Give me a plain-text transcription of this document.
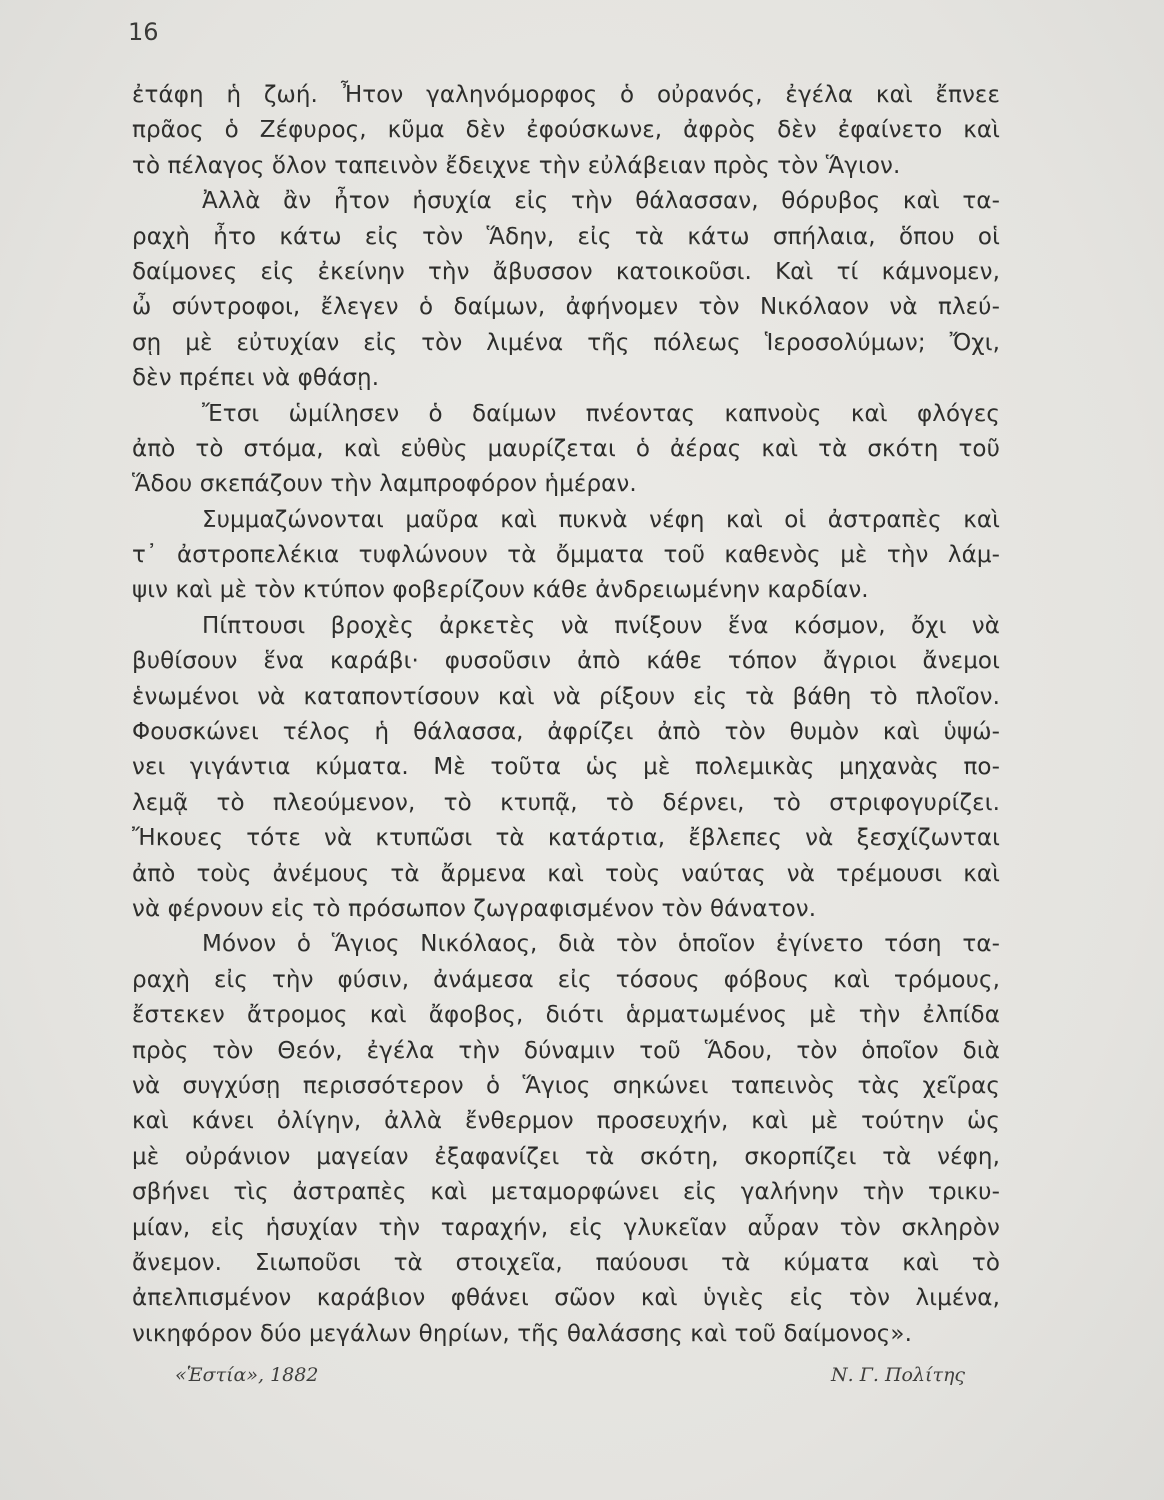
16
ἐτάφη ἡ ζωή. Ἦτον γαληνόμορφος ὁ οὐρανός, ἐγέλα καὶ ἔπνεε
πρᾶος ὁ Ζέφυρος, κῦμα δὲν ἐφούσκωνε, ἀφρὸς δὲν ἐφαίνετο καὶ
τὸ πέλαγος ὅλον ταπεινὸν ἔδειχνε τὴν εὐλάβειαν πρὸς τὸν Ἅγιον.
Ἀλλὰ ἂν ἦτον ἡσυχία εἰς τὴν θάλασσαν, θόρυβος καὶ τα-
ραχὴ ἦτο κάτω εἰς τὸν Ἅδην, εἰς τὰ κάτω σπήλαια, ὅπου οἱ
δαίμονες εἰς ἐκείνην τὴν ἄβυσσον κατοικοῦσι. Καὶ τί κάμνομεν,
ὦ σύντροφοι, ἔλεγεν ὁ δαίμων, ἀφήνομεν τὸν Νικόλαον νὰ πλεύ-
σῃ μὲ εὐτυχίαν εἰς τὸν λιμένα τῆς πόλεως Ἱεροσολύμων; Ὄχι,
δὲν πρέπει νὰ φθάσῃ.
Ἔτσι ὡμίλησεν ὁ δαίμων πνέοντας καπνοὺς καὶ φλόγες
ἀπὸ τὸ στόμα, καὶ εὐθὺς μαυρίζεται ὁ ἀέρας καὶ τὰ σκότη τοῦ
Ἅδου σκεπάζουν τὴν λαμπροφόρον ἡμέραν.
Συμμαζώνονται μαῦρα καὶ πυκνὰ νέφη καὶ οἱ ἀστραπὲς καὶ
τ᾽ ἀστροπελέκια τυφλώνουν τὰ ὄμματα τοῦ καθενὸς μὲ τὴν λάμ-
ψιν καὶ μὲ τὸν κτύπον φοβερίζουν κάθε ἀνδρειωμένην καρδίαν.
Πίπτουσι βροχὲς ἀρκετὲς νὰ πνίξουν ἕνα κόσμον, ὄχι νὰ
βυθίσουν ἕνα καράβι· φυσοῦσιν ἀπὸ κάθε τόπον ἄγριοι ἄνεμοι
ἑνωμένοι νὰ καταποντίσουν καὶ νὰ ρίξουν εἰς τὰ βάθη τὸ πλοῖον.
Φουσκώνει τέλος ἡ θάλασσα, ἀφρίζει ἀπὸ τὸν θυμὸν καὶ ὑψώ-
νει γιγάντια κύματα. Μὲ τοῦτα ὡς μὲ πολεμικὰς μηχανὰς πο-
λεμᾷ τὸ πλεούμενον, τὸ κτυπᾷ, τὸ δέρνει, τὸ στριφογυρίζει.
Ἤκουες τότε νὰ κτυπῶσι τὰ κατάρτια, ἔβλεπες νὰ ξεσχίζωνται
ἀπὸ τοὺς ἀνέμους τὰ ἄρμενα καὶ τοὺς ναύτας νὰ τρέμουσι καὶ
νὰ φέρνουν εἰς τὸ πρόσωπον ζωγραφισμένον τὸν θάνατον.
Μόνον ὁ Ἅγιος Νικόλαος, διὰ τὸν ὁποῖον ἐγίνετο τόση τα-
ραχὴ εἰς τὴν φύσιν, ἀνάμεσα εἰς τόσους φόβους καὶ τρόμους,
ἔστεκεν ἄτρομος καὶ ἄφοβος, διότι ἁρματωμένος μὲ τὴν ἐλπίδα
πρὸς τὸν Θεόν, ἐγέλα τὴν δύναμιν τοῦ Ἅδου, τὸν ὁποῖον διὰ
νὰ συγχύσῃ περισσότερον ὁ Ἅγιος σηκώνει ταπεινὸς τὰς χεῖρας
καὶ κάνει ὀλίγην, ἀλλὰ ἔνθερμον προσευχήν, καὶ μὲ τούτην ὡς
μὲ οὐράνιον μαγείαν ἐξαφανίζει τὰ σκότη, σκορπίζει τὰ νέφη,
σβήνει τὶς ἀστραπὲς καὶ μεταμορφώνει εἰς γαλήνην τὴν τρικυ-
μίαν, εἰς ἡσυχίαν τὴν ταραχήν, εἰς γλυκεῖαν αὖραν τὸν σκληρὸν
ἄνεμον. Σιωποῦσι τὰ στοιχεῖα, παύουσι τὰ κύματα καὶ τὸ
ἀπελπισμένον καράβιον φθάνει σῶον καὶ ὑγιὲς εἰς τὸν λιμένα,
νικηφόρον δύο μεγάλων θηρίων, τῆς θαλάσσης καὶ τοῦ δαίμονος».
«Ἑστία», 1882	Ν. Γ. Πολίτης
